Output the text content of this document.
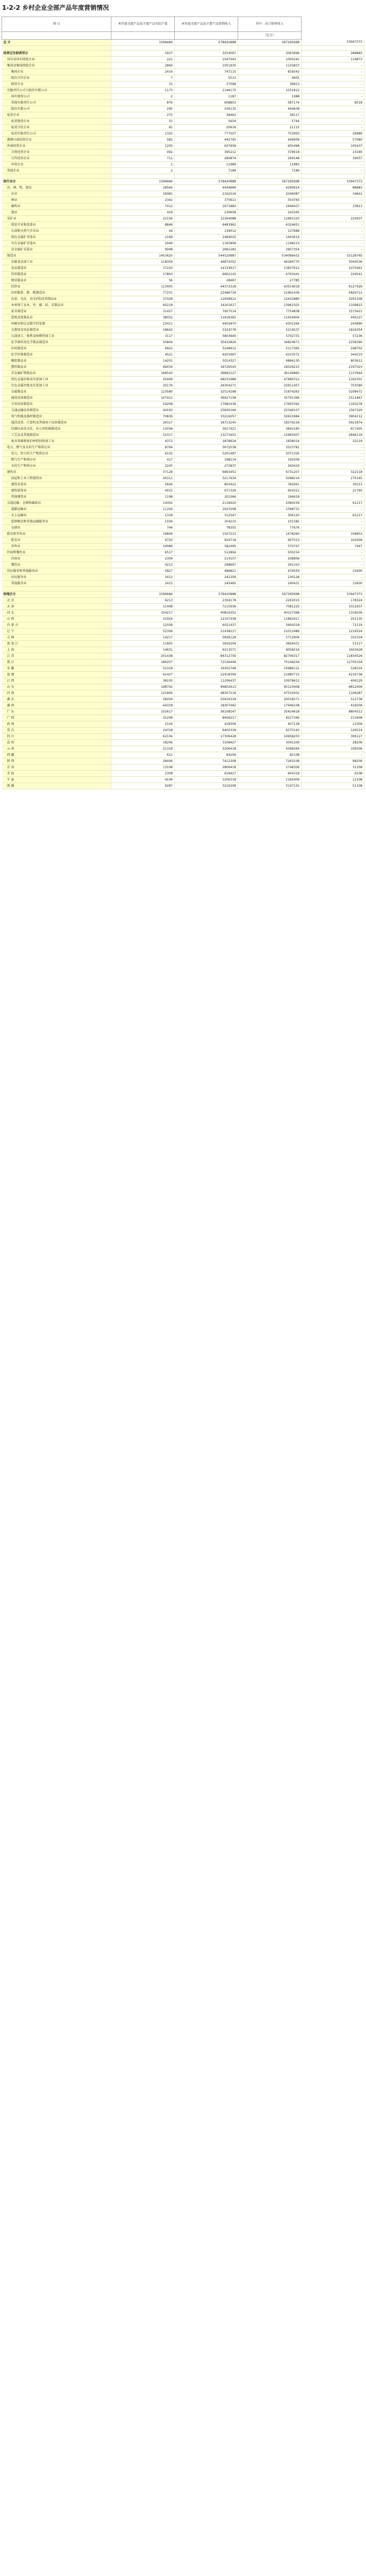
1-2-2 乡村企业全部产品年度营销情况
项 目	本年度全部产品及主要产品实际产值	本年度全部产品及主要产品营销收入	其中：出口销售收入	
			（亿元）	
总 计	1596684	578420888	567295698	53947373

按登记注册类型分	5937	3254067	3063999	289883
国有及国有控股企业	221	1047043	1000241	119873
集体及集体控股企业	2860	1051935	1125837	-
集体企业	2416	747115	816542	-
股份合作企业	7	5513	4955	-
联营企业	31	37096	36813	-
有限责任公司与股份有限公司	1173	1146175	1031812	-
国有独资公司	2	1187	1088	-
其他有限责任公司	876	608853	587174	8518
股份有限公司	295	536135	444638	-
私营企业	275	38463	39117	-
私营独资企业	31	5654	5744	-
私营合伙企业	81	20616	21115	-
私营有限责任公司	1325	777507	753950	26989
港澳台商投资企业	582	442795	449958	57080
外商投资企业	1205	637958	605498	100437
合资经营企业	492	395212	378618	23180
合作经营企业	711	280874	269148	39057
外资企业	2	11989	11983	-
其他企业	2	7189	7189	-

按行业分	1596684	578420888	567295698	53947373
农、林、牧、渔业	28564	4444666	4290614	88883
农业	18381	2162516	2046087	34641
林业	2342	370611	354745	-
畜牧业	7412	1671883	1646437	33811
渔业	429	239656	243345	-
采矿业	22156	12264088	11961520	220937
煤炭开采和洗选业	8846	6483962	6324651	-
石油和天然气开采业	44	139012	137688	-
黑色金属矿采选业	2169	1484025	1443614	-
有色金属矿采选业	2049	1165806	1148213	-
非金属矿采选业	9048	2991283	2907354	-
制造业	1453620	544520887	534099432	53128765
农副食品加工业	118356	46874352	46184770	3044536
食品制造业	37220	14133617	13837612	1075491
饮料制造业	17803	6902143	6793441	229541
烟草制品业	56	28467	27785	-
纺织业	113405	44373318	43514018	6127426
纺织服装、鞋、帽制造业	77231	22486734	21961436	5826712
皮革、毛皮、羽毛(绒)及其制品业	37028	12658912	12432880	3291208
木材加工及木、竹、藤、棕、草制品业	60218	14201617	13961025	1109815
家具制造业	31457	7927514	7754838	1573421
造纸及纸制品业	38052	11618362	11416904	445227
印刷业和记录媒介的复制	23411	4402870	4301264	243890
文教体育用品制造业	18642	5324778	5219537	1816354
石油加工、炼焦及核燃料加工业	3117	5803640	5702731	57236
化学原料及化学制品制造业	55804	35432826	34824671	2258390
医药制造业	6922	5248912	5117365	248702
化学纤维制造业	4521	6203467	6103572	344210
橡胶制品业	14201	5014327	4896130	803612
塑料制品业	69034	18726543	18329215	2197023
非金属矿物制品业	168543	36892127	36149860	1137944
黑色金属冶炼及压延加工业	25409	48231986	47480312	1162301
有色金属冶炼及压延加工业	20176	26304271	25911457	703580
金属制品业	123580	32514298	31874263	3208472
通用设备制造业	107412	36427158	35701394	2511867
专用设备制造业	54208	17982436	17605392	1193278
交通运输设备制造业	44193	25830164	25346107	1567320
电气机械及器材制造业	70836	33216057	32615984	3904112
通信设备、计算机及其他电子设备制造业	26317	18713245	18376218	5921874
仪器仪表及文化、办公用机械制造业	12036	3917421	3842160	617405
工艺品及其他制造业	52317	13271652	12983407	2846116
废弃资源和废旧材料回收加工业	4372	1878624	1838014	32219
电力、燃气及水的生产和供应业	8764	5672538	5523781	-
电力、热力的生产和供应业	6102	5201487	5071326	-
燃气生产和供应业	417	198214	192036	-
水的生产和供应业	2245	272837	260419	-
建筑业	37128	6893451	6731207	322118
房屋和土木工程建筑业	26311	5217634	5098216	270145
建筑安装业	5604	803422	782061	30213
建筑装饰业	4015	671329	654312	21760
其他建筑业	1198	201066	196618	-
交通运输、仓储和邮政业	14302	2118420	2084109	61217
道路运输业	11204	1623308	1598731	-
水上运输业	1318	312547	306120	61217
装卸搬运和其他运输服务业	1036	104210	101582	-
仓储业	744	78355	77676	-
批发和零售业	19806	1507213	1478260	109853
批发业	9720	924718	907513	102406
零售业	10086	582495	570747	7447
住宿和餐饮业	6517	512804	500216	-
住宿业	2304	214107	208906	-
餐饮业	4213	298697	291310	-
居民服务和其他服务业	5827	486821	476559	15600
居民服务业	3412	241356	236128	-
其他服务业	2415	245465	240431	15600

按地区分	1596684	578420888	567295698	53947373
北 京	6213	2304178	2263015	178324
天 津	11408	7215936	7081225	1012437
河 北	104217	40816352	40127368	1318206
山 西	31924	12107438	11862917	201135
内 蒙 古	12058	6021437	5904318	72119
辽 宁	52306	21438217	21012486	1216524
吉 林	14217	5836128	5712604	102318
黑 龙 江	11805	3916204	3826431	53117
上 海	14631	9213571	9058216	1603428
江 苏	201438	84312756	82706317	11834526
浙 江	186207	71536408	70148259	12705318
安 徽	52318	16302748	15986122	528316
福 建	61427	22418306	21980715	4216738
江 西	38105	11206437	10978612	406129
山 东	198742	96802613	95123408	6812406
河 南	121806	48307216	47510432	1106287
湖 北	58204	20416318	20018271	512738
湖 南	64318	18307462	17946108	418206
广 东	102617	36108247	35424618	8804312
广 西	31208	8406217	8227346	213408
海 南	2104	418306	407128	12306
重 庆	24318	6402318	6270143	126514
四 川	62104	17306428	16958203	306127
贵 州	18206	3108427	3041206	28206
云 南	21318	5206418	5098264	108306
西 藏	612	84206	82108	-
陕 西	28406	7412308	7263108	98206
甘 肃	13108	2806418	2748306	31208
青 海	2308	618427	604318	6108
宁 夏	4106	1206318	1182406	12108
新 疆	9287	3216308	3147152	51108
